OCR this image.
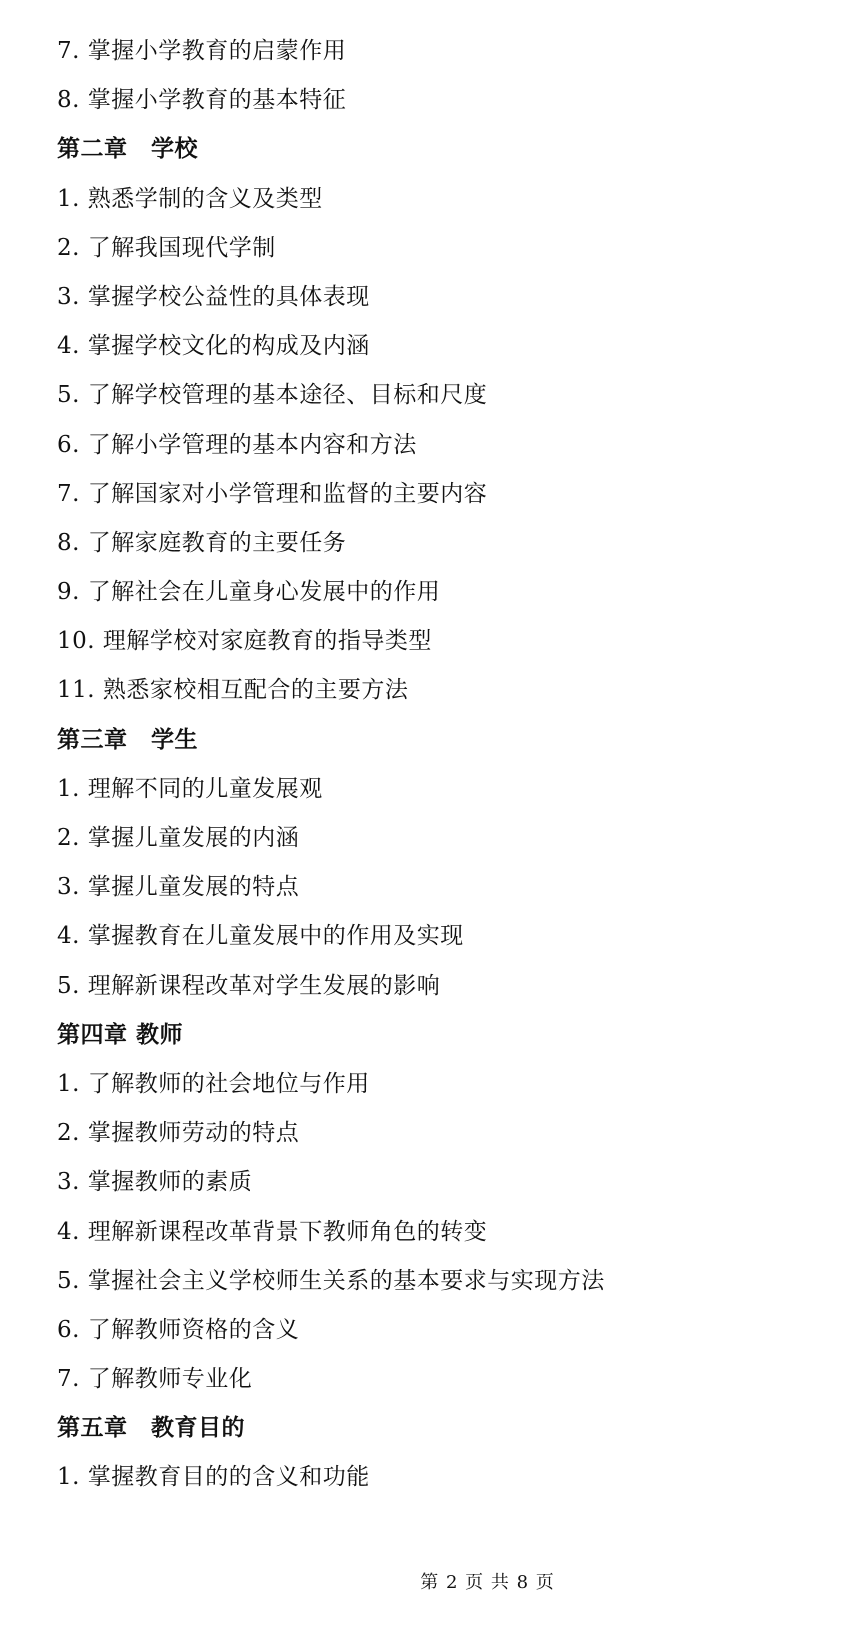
7. 掌握小学教育的启蒙作用
8. 掌握小学教育的基本特征
第二章　学校
1. 熟悉学制的含义及类型
2. 了解我国现代学制
3. 掌握学校公益性的具体表现
4. 掌握学校文化的构成及内涵
5. 了解学校管理的基本途径、目标和尺度
6. 了解小学管理的基本内容和方法
7. 了解国家对小学管理和监督的主要内容
8. 了解家庭教育的主要任务
9. 了解社会在儿童身心发展中的作用
10. 理解学校对家庭教育的指导类型
11. 熟悉家校相互配合的主要方法
第三章　学生
1. 理解不同的儿童发展观
2. 掌握儿童发展的内涵
3. 掌握儿童发展的特点
4. 掌握教育在儿童发展中的作用及实现
5. 理解新课程改革对学生发展的影响
第四章 教师
1. 了解教师的社会地位与作用
2. 掌握教师劳动的特点
3. 掌握教师的素质
4. 理解新课程改革背景下教师角色的转变
5. 掌握社会主义学校师生关系的基本要求与实现方法
6. 了解教师资格的含义
7. 了解教师专业化
第五章　教育目的
1. 掌握教育目的的含义和功能
第 2 页 共 8 页
